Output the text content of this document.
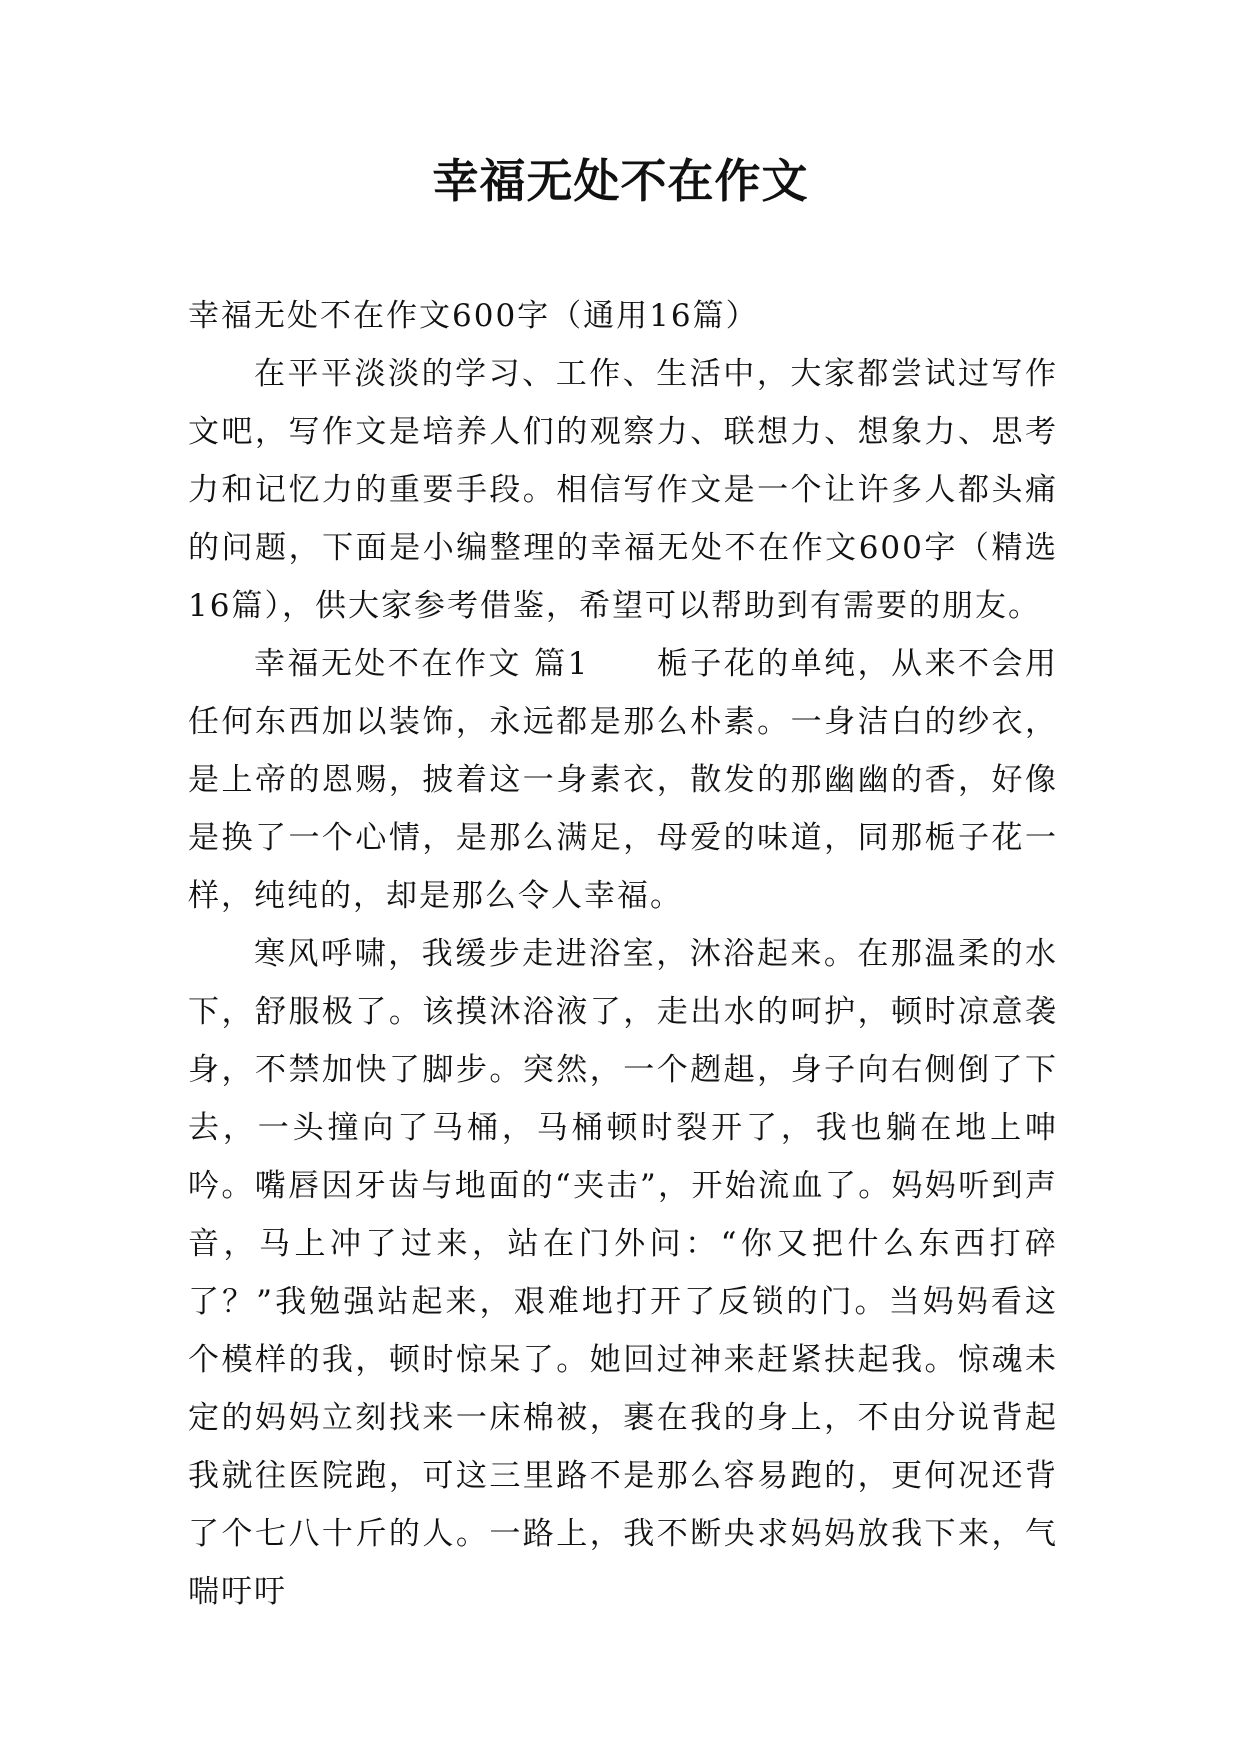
幸福无处不在作文

幸福无处不在作文600字（通用16篇）

在平平淡淡的学习、工作、生活中，大家都尝试过写作文吧，写作文是培养人们的观察力、联想力、想象力、思考力和记忆力的重要手段。相信写作文是一个让许多人都头痛的问题，下面是小编整理的幸福无处不在作文600字（精选16篇），供大家参考借鉴，希望可以帮助到有需要的朋友。

幸福无处不在作文 篇1　　栀子花的单纯，从来不会用任何东西加以装饰，永远都是那么朴素。一身洁白的纱衣，是上帝的恩赐，披着这一身素衣，散发的那幽幽的香，好像是换了一个心情，是那么满足，母爱的味道，同那栀子花一样，纯纯的，却是那么令人幸福。

寒风呼啸，我缓步走进浴室，沐浴起来。在那温柔的水下，舒服极了。该摸沐浴液了，走出水的呵护，顿时凉意袭身，不禁加快了脚步。突然，一个趔趄，身子向右侧倒了下去，一头撞向了马桶，马桶顿时裂开了，我也躺在地上呻吟。嘴唇因牙齿与地面的“夹击”，开始流血了。妈妈听到声音，马上冲了过来，站在门外问：“你又把什么东西打碎了？”我勉强站起来，艰难地打开了反锁的门。当妈妈看这个模样的我，顿时惊呆了。她回过神来赶紧扶起我。惊魂未定的妈妈立刻找来一床棉被，裹在我的身上，不由分说背起我就往医院跑，可这三里路不是那么容易跑的，更何况还背了个七八十斤的人。一路上，我不断央求妈妈放我下来，气喘吁吁
